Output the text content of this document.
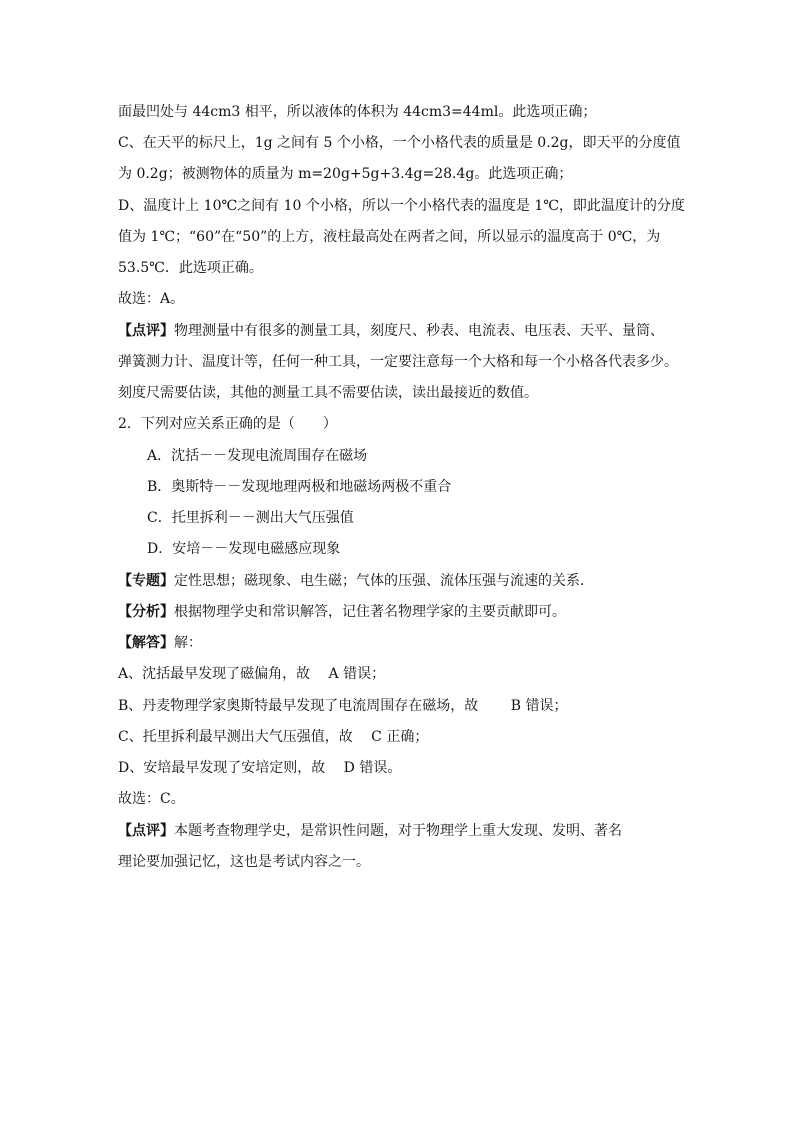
面最凹处与 44cm3 相平，所以液体的体积为 44cm3=44ml。此选项正确；
C、在天平的标尺上，1g 之间有 5 个小格，一个小格代表的质量是 0.2g，即天平的分度值
为 0.2g；被测物体的质量为 m=20g+5g+3.4g=28.4g。此选项正确；
D、温度计上 10℃之间有 10 个小格，所以一个小格代表的温度是 1℃，即此温度计的分度
值为 1℃；“60”在“50”的上方，液柱最高处在两者之间，所以显示的温度高于 0℃，为
53.5℃．此选项正确。
故选：A。
【点评】物理测量中有很多的测量工具，刻度尺、秒表、电流表、电压表、天平、量筒、
弹簧测力计、温度计等，任何一种工具，一定要注意每一个大格和每一个小格各代表多少。
刻度尺需要估读，其他的测量工具不需要估读，读出最接近的数值。
2．下列对应关系正确的是（　　）
A．沈括－－发现电流周围存在磁场
B．奥斯特－－发现地理两极和地磁场两极不重合
C．托里拆利－－测出大气压强值
D．安培－－发现电磁感应现象
【专题】定性思想；磁现象、电生磁；气体的压强、流体压强与流速的关系．
【分析】根据物理学史和常识解答，记住著名物理学家的主要贡献即可。
【解答】解：
A、沈括最早发现了磁偏角，故　 A 错误；
B、丹麦物理学家奥斯特最早发现了电流周围存在磁场，故　　 B 错误；
C、托里拆利最早测出大气压强值，故　 C 正确；
D、安培最早发现了安培定则，故　 D 错误。
故选：C。
【点评】本题考查物理学史，是常识性问题，对于物理学上重大发现、发明、著名
理论要加强记忆，这也是考试内容之一。
